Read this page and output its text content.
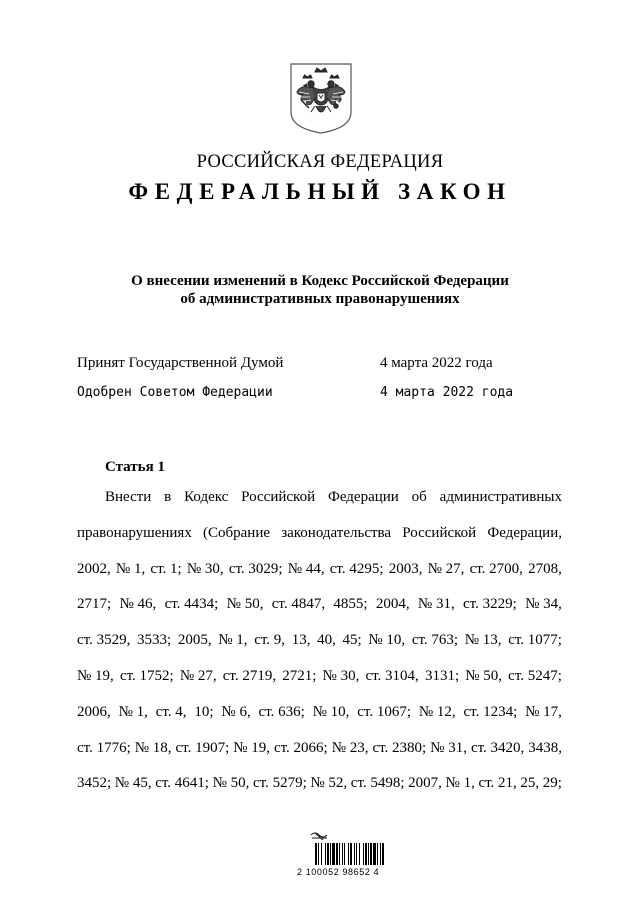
РОССИЙСКАЯ ФЕДЕРАЦИЯ
ФЕДЕРАЛЬНЫЙ ЗАКОН
О внесении изменений в Кодекс Российской Федерации
об административных правонарушениях
Принят Государственной Думой	4 марта 2022 года
Одобрен Советом Федерации	4 марта 2022 года
Статья 1
Внести в Кодекс Российской Федерации об административных
правонарушениях (Собрание законодательства Российской Федерации,
2002, № 1, ст. 1; № 30, ст. 3029; № 44, ст. 4295; 2003, № 27, ст. 2700, 2708,
2717; № 46, ст. 4434; № 50, ст. 4847, 4855; 2004, № 31, ст. 3229; № 34,
ст. 3529, 3533; 2005, № 1, ст. 9, 13, 40, 45; № 10, ст. 763; № 13, ст. 1077;
№ 19, ст. 1752; № 27, ст. 2719, 2721; № 30, ст. 3104, 3131; № 50, ст. 5247;
2006, № 1, ст. 4, 10; № 6, ст. 636; № 10, ст. 1067; № 12, ст. 1234; № 17,
ст. 1776; № 18, ст. 1907; № 19, ст. 2066; № 23, ст. 2380; № 31, ст. 3420, 3438,
3452; № 45, ст. 4641; № 50, ст. 5279; № 52, ст. 5498; 2007, № 1, ст. 21, 25, 29;
2 100052 98652 4
